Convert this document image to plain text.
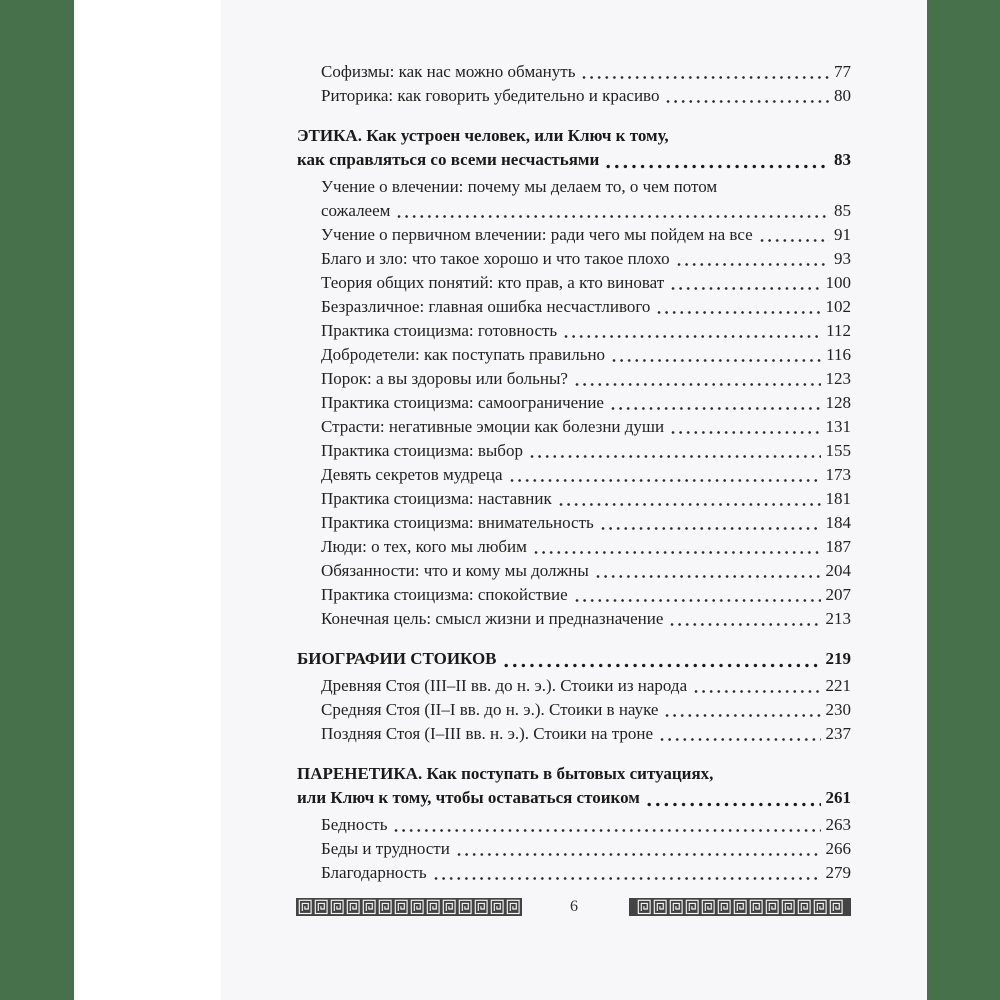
Софизмы: как нас можно обмануть	77
Риторика: как говорить убедительно и красиво	80
ЭТИКА. Как устроен человек, или Ключ к тому,
как справляться со всеми несчастьями	83
Учение о влечении: почему мы делаем то, о чем потом
сожалеем	85
Учение о первичном влечении: ради чего мы пойдем на все	91
Благо и зло: что такое хорошо и что такое плохо	93
Теория общих понятий: кто прав, а кто виноват	100
Безразличное: главная ошибка несчастливого	102
Практика стоицизма: готовность	112
Добродетели: как поступать правильно	116
Порок: а вы здоровы или больны?	123
Практика стоицизма: самоограничение	128
Страсти: негативные эмоции как болезни души	131
Практика стоицизма: выбор	155
Девять секретов мудреца	173
Практика стоицизма: наставник	181
Практика стоицизма: внимательность	184
Люди: о тех, кого мы любим	187
Обязанности: что и кому мы должны	204
Практика стоицизма: спокойствие	207
Конечная цель: смысл жизни и предназначение	213
БИОГРАФИИ СТОИКОВ	219
Древняя Стоя (III–II вв. до н. э.). Стоики из народа	221
Средняя Стоя (II–I вв. до н. э.). Стоики в науке	230
Поздняя Стоя (I–III вв. н. э.). Стоики на троне	237
ПАРЕНЕТИКА. Как поступать в бытовых ситуациях,
или Ключ к тому, чтобы оставаться стоиком	261
Бедность	263
Беды и трудности	266
Благодарность	279
6
